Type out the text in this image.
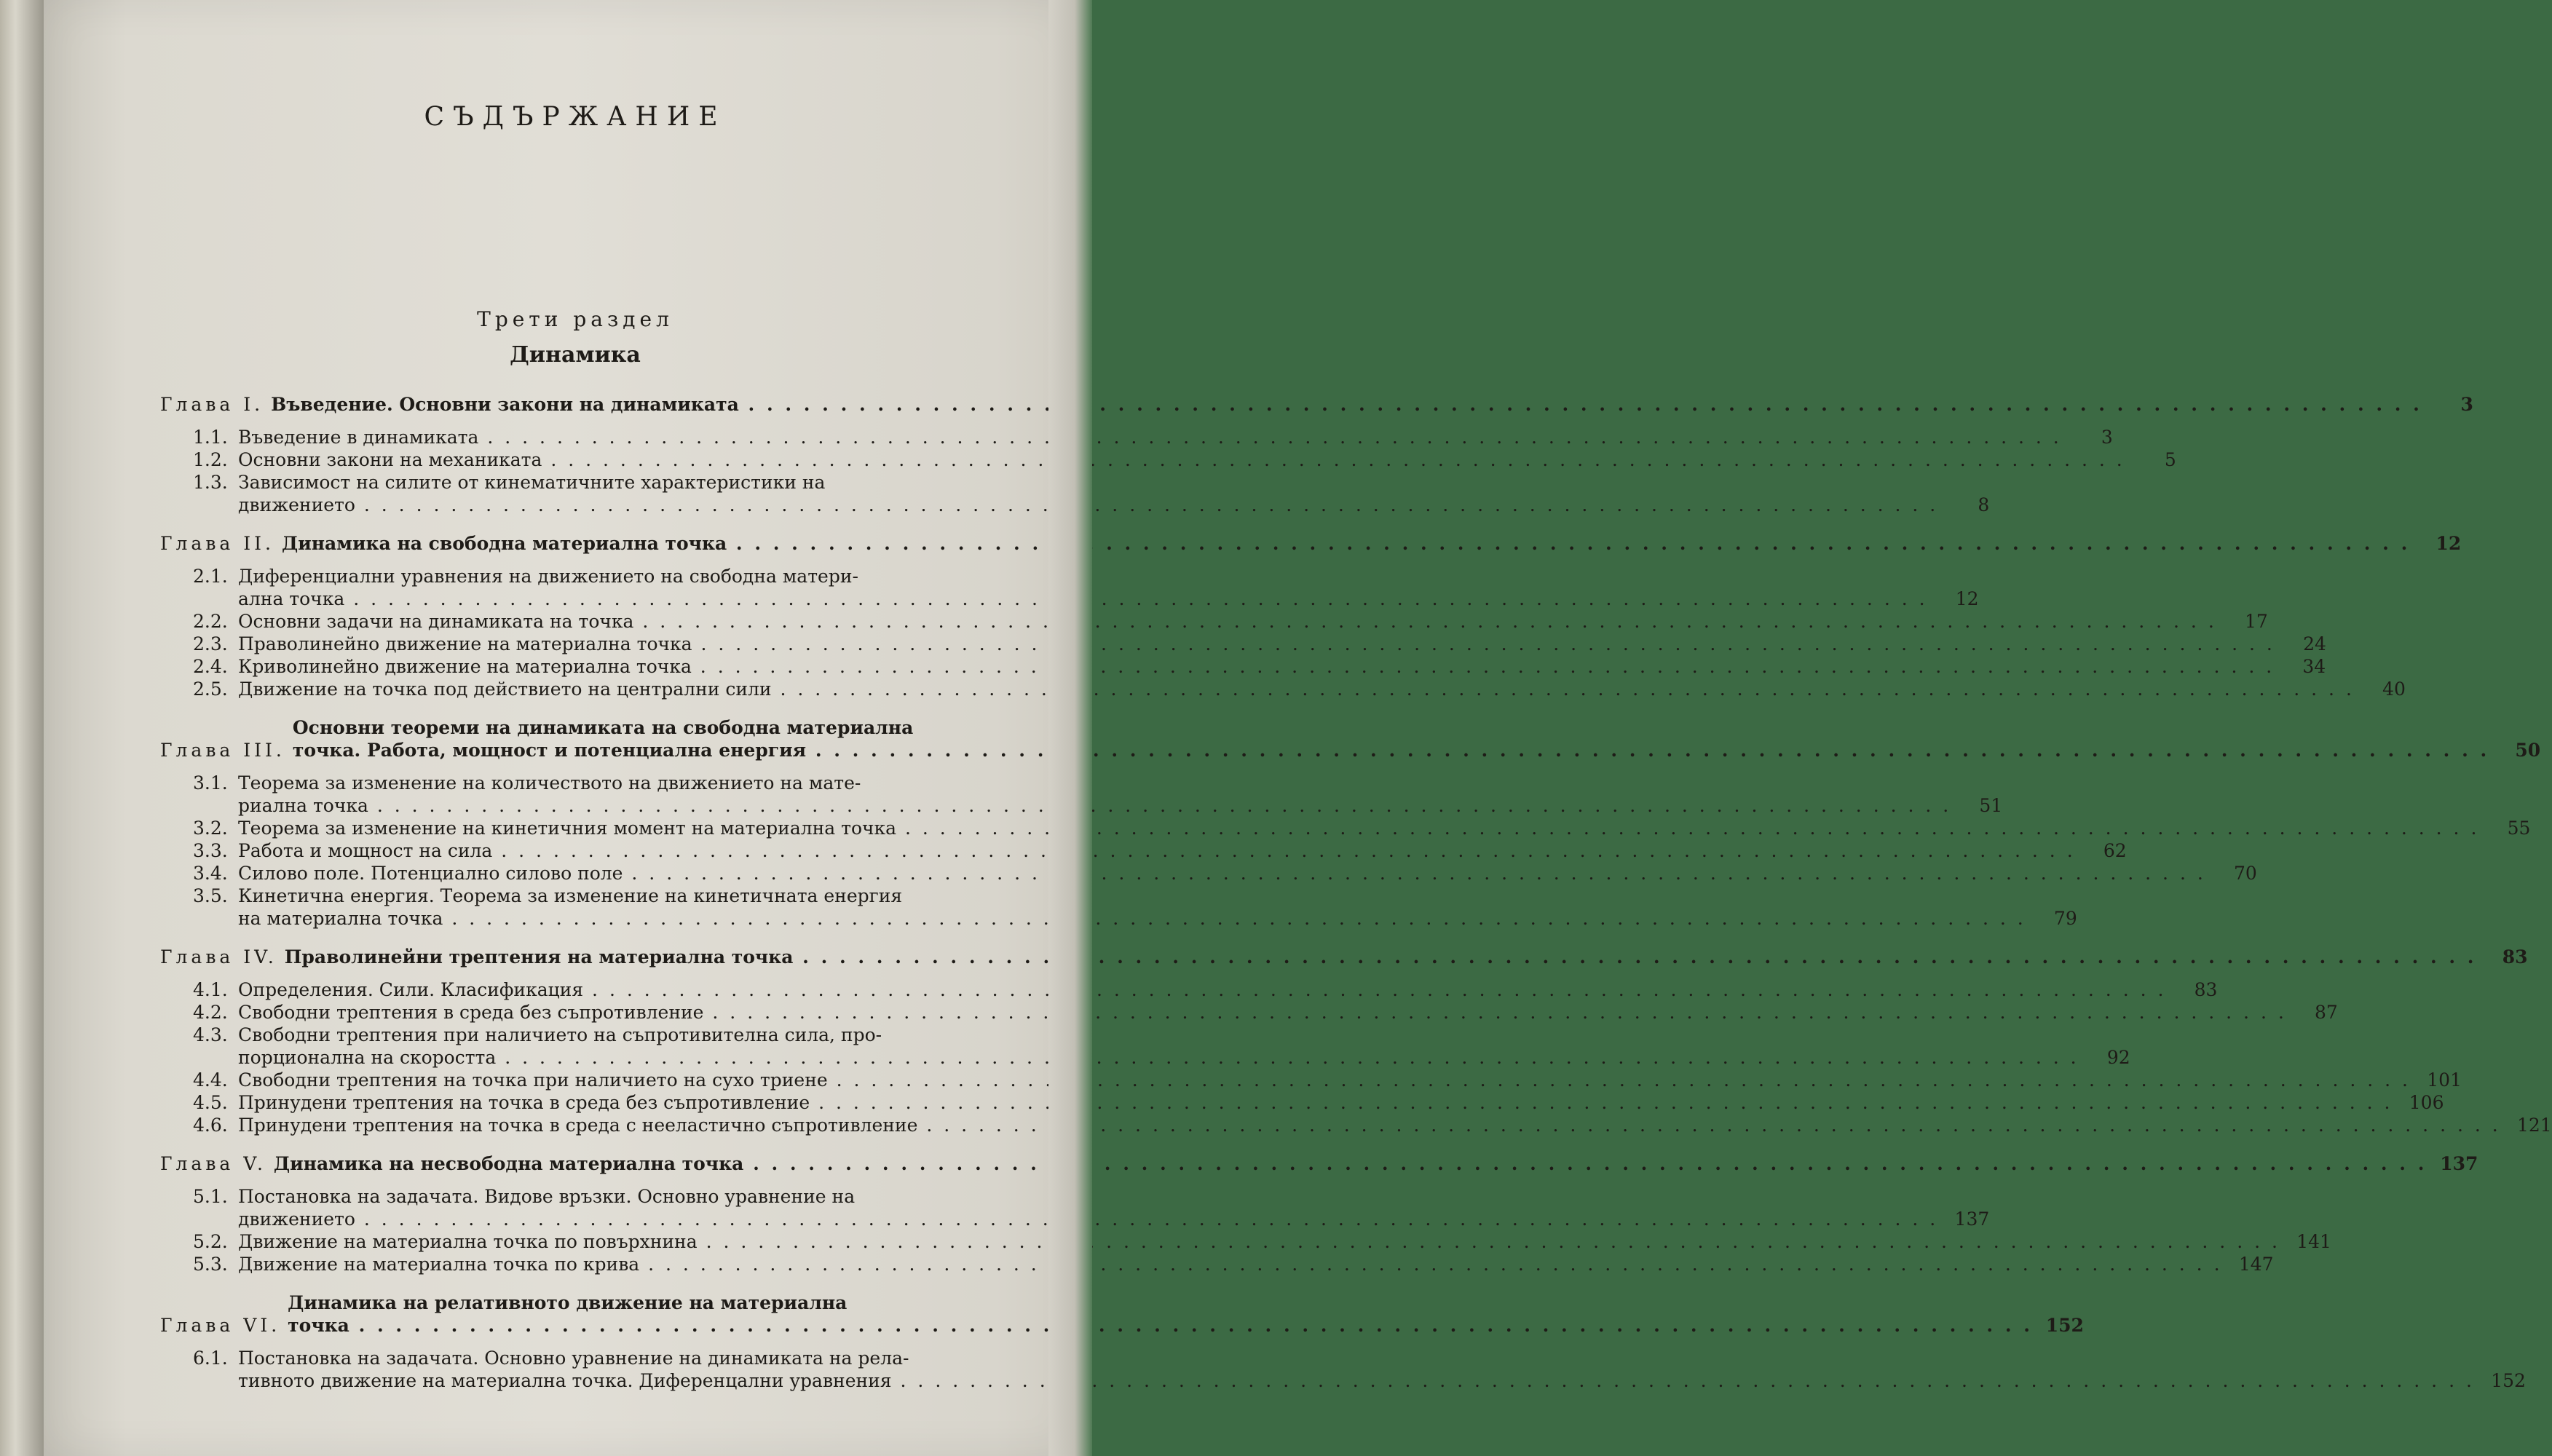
СЪДЪРЖАНИЕ
Трети раздел
Динамика
Глава I. Въведение. Основни закони на динамиката . . .	3
1.1. Въведение в динамиката . . .	3
1.2. Основни закони на механиката . . .	5
1.3. Зависимост на силите от кинематичните характеристики на
движението . . .	8
Глава II. Динамика на свободна материална точка . . .	12
2.1. Диференциални уравнения на движението на свободна матери-
ална точка . . .	12
2.2. Основни задачи на динамиката на точка . . .	17
2.3. Праволинейно движение на материална точка . . .	24
2.4. Криволинейно движение на материална точка . . .	34
2.5. Движение на точка под действието на централни сили . . .	40
Глава III.
Основни теореми на динамиката на свободна материална
точка. Работа, мощност и потенциална енергия . . .	50
3.1. Теорема за изменение на количеството на движението на мате-
риална точка . . .	51
3.2. Теорема за изменение на кинетичния момент на материална точка . . .	55
3.3. Работа и мощност на сила . . .	62
3.4. Силово поле. Потенциално силово поле . . .	70
3.5. Кинетична енергия. Теорема за изменение на кинетичната енергия
на материална точка . . .	79
Глава IV. Праволинейни трептения на материална точка . . .	83
4.1. Определения. Сили. Класификация . . .	83
4.2. Свободни трептения в среда без съпротивление . . .	87
4.3. Свободни трептения при наличието на съпротивителна сила, про-
порционална на скоростта . . .	92
4.4. Свободни трептения на точка при наличието на сухо триене . . .	101
4.5. Принудени трептения на точка в среда без съпротивление . . .	106
4.6. Принудени трептения на точка в среда с нееластично съпротивление . . .	121
Глава V. Динамика на несвободна материална точка . . .	137
5.1. Постановка на задачата. Видове връзки. Основно уравнение на
движението . . .	137
5.2. Движение на материална точка по повърхнина . . .	141
5.3. Движение на материална точка по крива . . .	147
Глава VI.
Динамика на релативното движение на материална
точка . . .	152
6.1. Постановка на задачата. Основно уравнение на динамиката на рела-
тивното движение на материална точка. Диференцални уравнения . . .	152
